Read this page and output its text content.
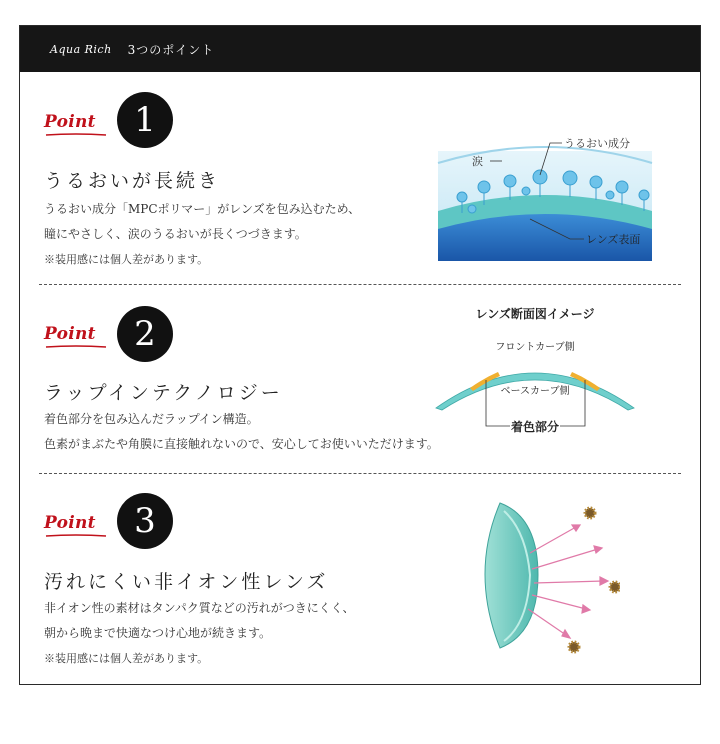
Aqua Rich 3つのポイント
Point	1
うるおいが長続き
うるおい成分「MPCポリマー」がレンズを包み込むため、
瞳にやさしく、涙のうるおいが長くつづきます。
※装用感には個人差があります。
涙
うるおい成分
レンズ表面
Point	2
ラップインテクノロジー
着色部分を包み込んだラップイン構造。
色素がまぶたや角膜に直接触れないので、安心してお使いいただけます。
レンズ断面図イメージ
フロントカーブ側
ベースカーブ側
着色部分
Point	3
汚れにくい非イオン性レンズ
非イオン性の素材はタンパク質などの汚れがつきにくく、
朝から晩まで快適なつけ心地が続きます。
※装用感には個人差があります。
